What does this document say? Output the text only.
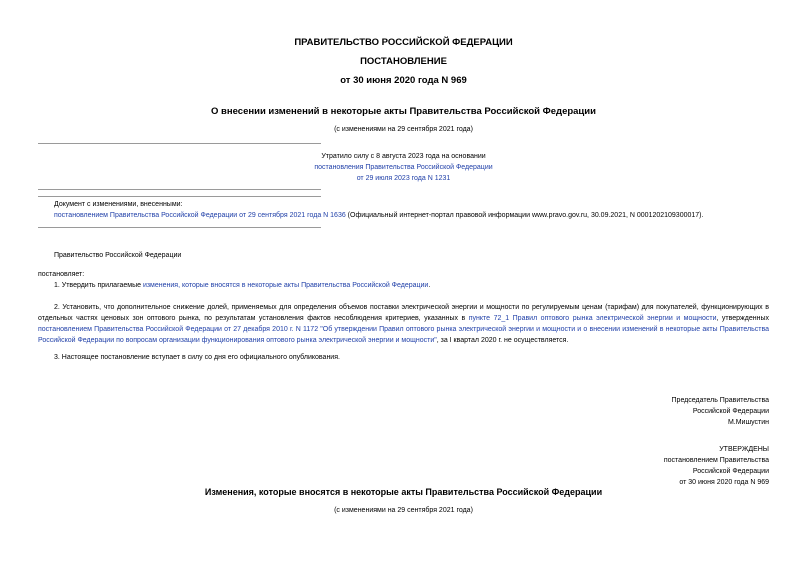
ПРАВИТЕЛЬСТВО РОССИЙСКОЙ ФЕДЕРАЦИИ
ПОСТАНОВЛЕНИЕ
от 30 июня 2020 года N 969
О внесении изменений в некоторые акты Правительства Российской Федерации
(с изменениями на 29 сентября 2021 года)
Утратило силу с 8 августа 2023 года на основании
постановления Правительства Российской Федерации
от 29 июля 2023 года N 1231
Документ с изменениями, внесенными:
постановлением Правительства Российской Федерации от 29 сентября 2021 года N 1636 (Официальный интернет-портал правовой информации www.pravo.gov.ru, 30.09.2021, N 0001202109300017).
Правительство Российской Федерации
постановляет:
1. Утвердить прилагаемые изменения, которые вносятся в некоторые акты Правительства Российской Федерации.
2. Установить, что дополнительное снижение долей, применяемых для определения объемов поставки электрической энергии и мощности по регулируемым ценам (тарифам) для покупателей, функционирующих в отдельных частях ценовых зон оптового рынка, по результатам установления фактов несоблюдения критериев, указанных в пункте 72_1 Правил оптового рынка электрической энергии и мощности, утвержденных постановлением Правительства Российской Федерации от 27 декабря 2010 г. N 1172 "Об утверждении Правил оптового рынка электрической энергии и мощности и о внесении изменений в некоторые акты Правительства Российской Федерации по вопросам организации функционирования оптового рынка электрической энергии и мощности", за I квартал 2020 г. не осуществляется.
3. Настоящее постановление вступает в силу со дня его официального опубликования.
Председатель Правительства
Российской Федерации
М.Мишустин
УТВЕРЖДЕНЫ
постановлением Правительства
Российской Федерации
от 30 июня 2020 года N 969
Изменения, которые вносятся в некоторые акты Правительства Российской Федерации
(с изменениями на 29 сентября 2021 года)
